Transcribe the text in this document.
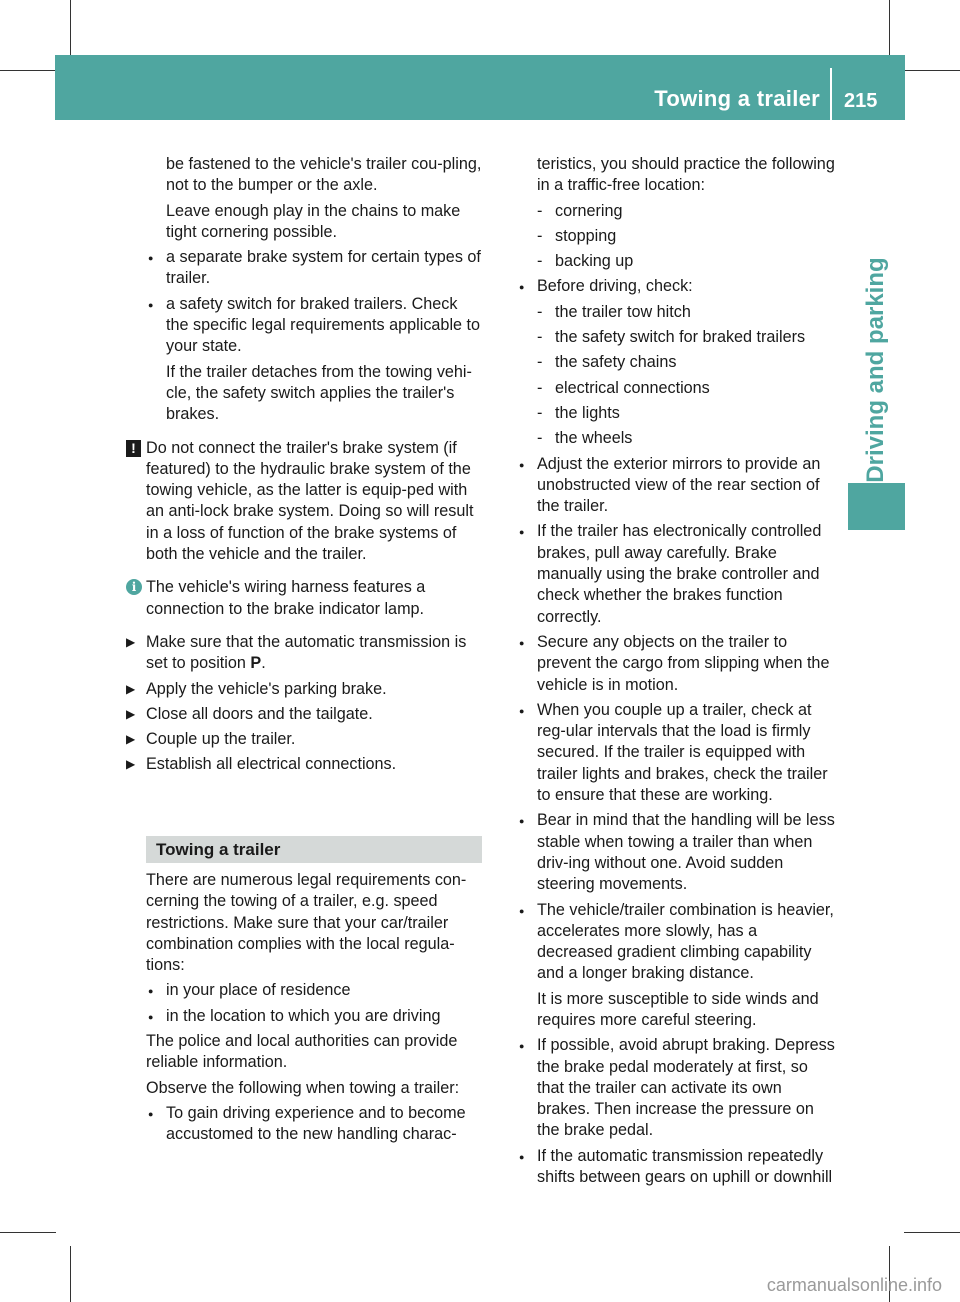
Towing a trailer 215
Driving and parking

be fastened to the vehicle's trailer cou-pling, not to the bumper or the axle.

Leave enough play in the chains to make tight cornering possible.

● a separate brake system for certain types of trailer.

● a safety switch for braked trailers. Check the specific legal requirements applicable to your state.

If the trailer detaches from the towing vehi-cle, the safety switch applies the trailer's brakes.

! Do not connect the trailer's brake system (if featured) to the hydraulic brake system of the towing vehicle, as the latter is equip-ped with an anti-lock brake system. Doing so will result in a loss of function of the brake systems of both the vehicle and the trailer.
i The vehicle's wiring harness features a connection to the brake indicator lamp.
▶ Make sure that the automatic transmission is set to position P.
▶ Apply the vehicle's parking brake.
▶ Close all doors and the tailgate.
▶ Couple up the trailer.
▶ Establish all electrical connections.
Towing a trailer

There are numerous legal requirements con-cerning the towing of a trailer, e.g. speed restrictions. Make sure that your car/trailer combination complies with the local regula-tions:

● in your place of residence

● in the location to which you are driving

The police and local authorities can provide reliable information.

Observe the following when towing a trailer:

● To gain driving experience and to become accustomed to the new handling charac-

teristics, you should practice the following in a traffic-free location:

- cornering
- stopping
- backing up

● Before driving, check:

- the trailer tow hitch
- the safety switch for braked trailers
- the safety chains
- electrical connections
- the lights
- the wheels

● Adjust the exterior mirrors to provide an unobstructed view of the rear section of the trailer.

● If the trailer has electronically controlled brakes, pull away carefully. Brake manually using the brake controller and check whether the brakes function correctly.

● Secure any objects on the trailer to prevent the cargo from slipping when the vehicle is in motion.

● When you couple up a trailer, check at reg-ular intervals that the load is firmly secured. If the trailer is equipped with trailer lights and brakes, check the trailer to ensure that these are working.

● Bear in mind that the handling will be less stable when towing a trailer than when driv-ing without one. Avoid sudden steering movements.

● The vehicle/trailer combination is heavier, accelerates more slowly, has a decreased gradient climbing capability and a longer braking distance.

It is more susceptible to side winds and requires more careful steering.

● If possible, avoid abrupt braking. Depress the brake pedal moderately at first, so that the trailer can activate its own brakes. Then increase the pressure on the brake pedal.

● If the automatic transmission repeatedly shifts between gears on uphill or downhill

carmanualsonline.info
